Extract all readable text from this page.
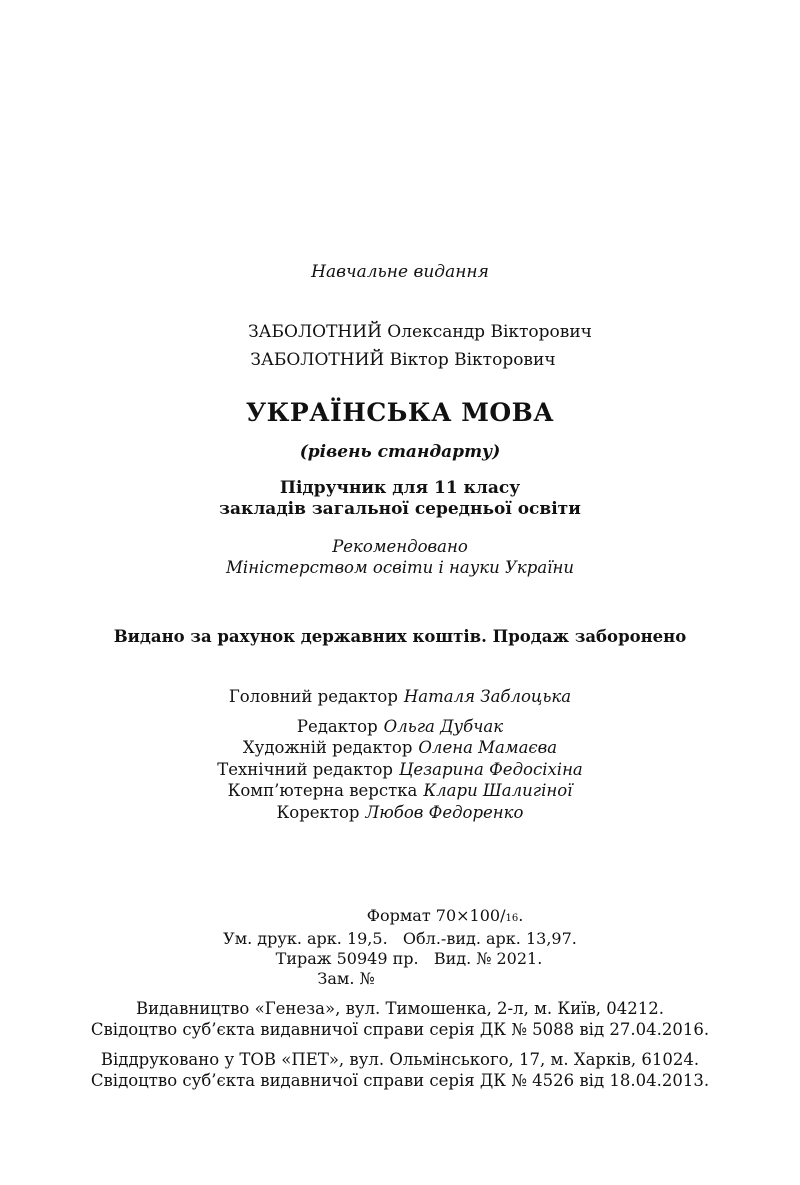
Навчальне видання
ЗАБОЛОТНИЙ Олександр Вікторович
ЗАБОЛОТНИЙ Віктор Вікторович
УКРАЇНСЬКА МОВА
(рівень стандарту)
Підручник для 11 класу
закладів загальної середньої освіти
Рекомендовано
Міністерством освіти і науки України
Видано за рахунок державних коштів. Продаж заборонено
Головний редактор Наталя Заблоцька
Редактор Ольга Дубчак
Художній редактор Олена Мамаєва
Технічний редактор Цезарина Федосіхіна
Комп’ютерна верстка Клари Шалигіної
Коректор Любов Федоренко
Формат 70×100/16.
Ум. друк. арк. 19,5.   Обл.-вид. арк. 13,97.
Тираж 50949 пр.   Вид. № 2021.
Зам. №
Видавництво «Генеза», вул. Тимошенка, 2-л, м. Київ, 04212.
Свідоцтво суб’єкта видавничої справи серія ДК № 5088 від 27.04.2016.
Віддруковано у ТОВ «ПЕТ», вул. Ольмінського, 17, м. Харків, 61024.
Свідоцтво суб’єкта видавничої справи серія ДК № 4526 від 18.04.2013.
